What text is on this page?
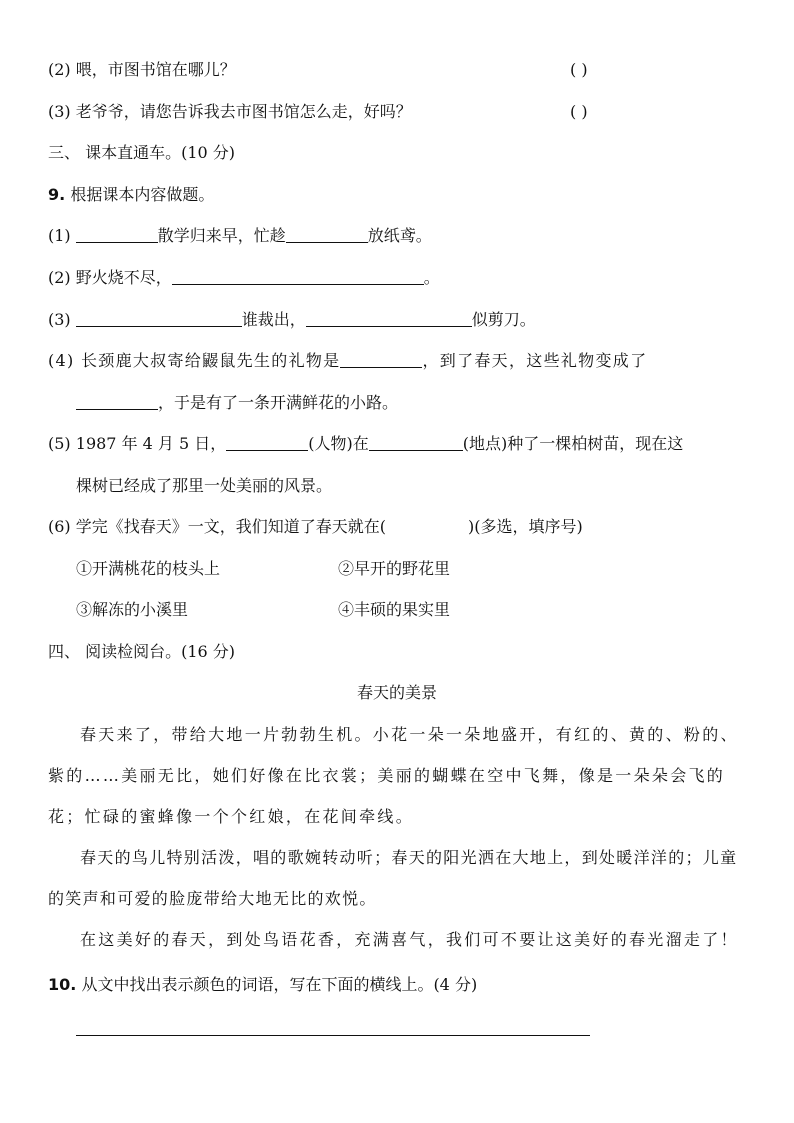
(2) 喂，市图书馆在哪儿？	( )
(3) 老爷爷，请您告诉我去市图书馆怎么走，好吗？	( )
三、 课本直通车。(10 分)
9. 根据课本内容做题。
(1)	散学归来早，忙趁	放纸鸢。
(2) 野火烧不尽，	。
(3)	谁裁出，	似剪刀。
(4) 长颈鹿大叔寄给鼹鼠先生的礼物是	，到了春天，这些礼物变成了
，于是有了一条开满鲜花的小路。
(5) 1987 年 4 月 5 日，	(人物)在	(地点)种了一棵柏树苗，现在这
棵树已经成了那里一处美丽的风景。
(6) 学完《找春天》一文，我们知道了春天就在(	)(多选，填序号)
①开满桃花的枝头上	②早开的野花里
③解冻的小溪里	④丰硕的果实里
四、 阅读检阅台。(16 分)
春天的美景

春天来了，带给大地一片勃勃生机。小花一朵一朵地盛开，有红的、黄的、粉的、紫的……美丽无比，她们好像在比衣裳；美丽的蝴蝶在空中飞舞，像是一朵朵会飞的花；忙碌的蜜蜂像一个个红娘，在花间牵线。

春天的鸟儿特别活泼，唱的歌婉转动听；春天的阳光洒在大地上，到处暖洋洋的；儿童的笑声和可爱的脸庞带给大地无比的欢悦。

在这美好的春天，到处鸟语花香，充满喜气，我们可不要让这美好的春光溜走了！

10. 从文中找出表示颜色的词语，写在下面的横线上。(4 分)
